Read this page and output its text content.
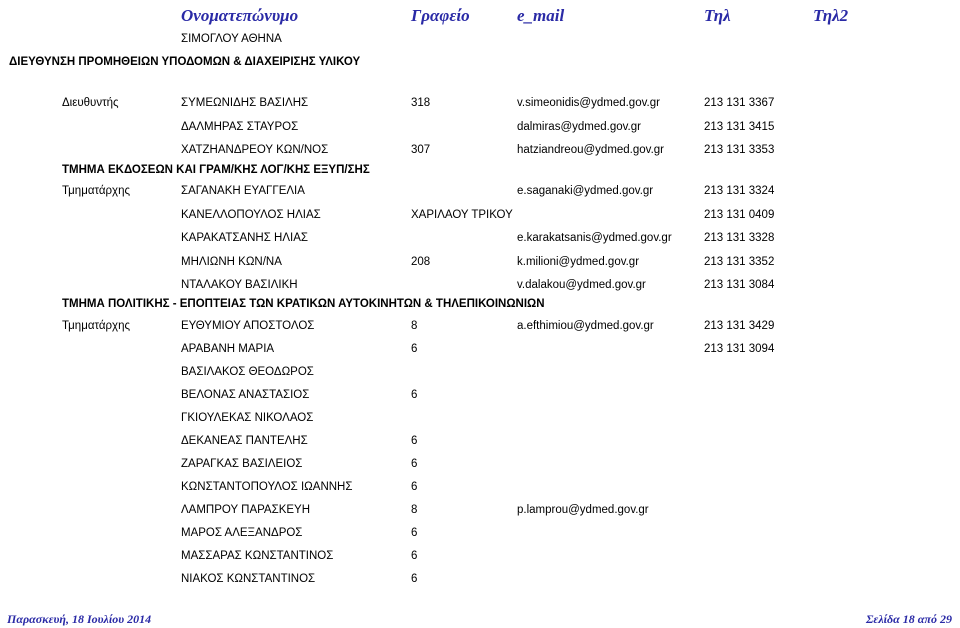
Ονοματεπώνυμο	Γραφείο	e_mail	Τηλ	Τηλ2
ΣΙΜΟΓΛΟΥ ΑΘΗΝΑ
ΔΙΕΥΘΥΝΣΗ ΠΡΟΜΗΘΕΙΩΝ ΥΠΟΔΟΜΩΝ & ΔΙΑΧΕΙΡΙΣΗΣ ΥΛΙΚΟΥ
Διευθυντής	ΣΥΜΕΩΝΙΔΗΣ ΒΑΣΙΛΗΣ	318	v.simeonidis@ydmed.gov.gr	213 131 3367
ΔΑΛΜΗΡΑΣ ΣΤΑΥΡΟΣ	dalmiras@ydmed.gov.gr	213 131 3415
ΧΑΤΖΗΑΝΔΡΕΟΥ ΚΩΝ/ΝΟΣ	307	hatziandreou@ydmed.gov.gr	213 131 3353
ΤΜΗΜΑ ΕΚΔΟΣΕΩΝ ΚΑΙ ΓΡΑΜ/ΚΗΣ ΛΟΓ/ΚΗΣ ΕΞΥΠ/ΣΗΣ
Τμηματάρχης	ΣΑΓΑΝΑΚΗ ΕΥΑΓΓΕΛΙΑ	e.saganaki@ydmed.gov.gr	213 131 3324
ΚΑΝΕΛΛΟΠΟΥΛΟΣ ΗΛΙΑΣ	ΧΑΡΙΛΑΟΥ ΤΡΙΚΟΥ	213 131 0409
ΚΑΡΑΚΑΤΣΑΝΗΣ ΗΛΙΑΣ	e.karakatsanis@ydmed.gov.gr	213 131 3328
ΜΗΛΙΩΝΗ ΚΩΝ/ΝΑ	208	k.milioni@ydmed.gov.gr	213 131 3352
ΝΤΑΛΑΚΟΥ ΒΑΣΙΛΙΚΗ	v.dalakou@ydmed.gov.gr	213 131 3084
ΤΜΗΜΑ ΠΟΛΙΤΙΚΗΣ - ΕΠΟΠΤΕΙΑΣ ΤΩΝ ΚΡΑΤΙΚΩΝ ΑΥΤΟΚΙΝΗΤΩΝ & ΤΗΛΕΠΙΚΟΙΝΩΝΙΩΝ
Τμηματάρχης	ΕΥΘΥΜΙΟΥ ΑΠΟΣΤΟΛΟΣ	8	a.efthimiou@ydmed.gov.gr	213 131 3429
ΑΡΑΒΑΝΗ ΜΑΡΙΑ	6	213 131 3094
ΒΑΣΙΛΑΚΟΣ ΘΕΟΔΩΡΟΣ
ΒΕΛΟΝΑΣ ΑΝΑΣΤΑΣΙΟΣ	6
ΓΚΙΟΥΛΕΚΑΣ ΝΙΚΟΛΑΟΣ
ΔΕΚΑΝΕΑΣ ΠΑΝΤΕΛΗΣ	6
ΖΑΡΑΓΚΑΣ ΒΑΣΙΛΕΙΟΣ	6
ΚΩΝΣΤΑΝΤΟΠΟΥΛΟΣ ΙΩΑΝΝΗΣ	6
ΛΑΜΠΡΟΥ ΠΑΡΑΣΚΕΥΗ	8	p.lamprou@ydmed.gov.gr
ΜΑΡΟΣ ΑΛΕΞΑΝΔΡΟΣ	6
ΜΑΣΣΑΡΑΣ ΚΩΝΣΤΑΝΤΙΝΟΣ	6
ΝΙΑΚΟΣ ΚΩΝΣΤΑΝΤΙΝΟΣ	6
Παρασκευή, 18 Ιουλίου 2014	Σελίδα 18 από 29
